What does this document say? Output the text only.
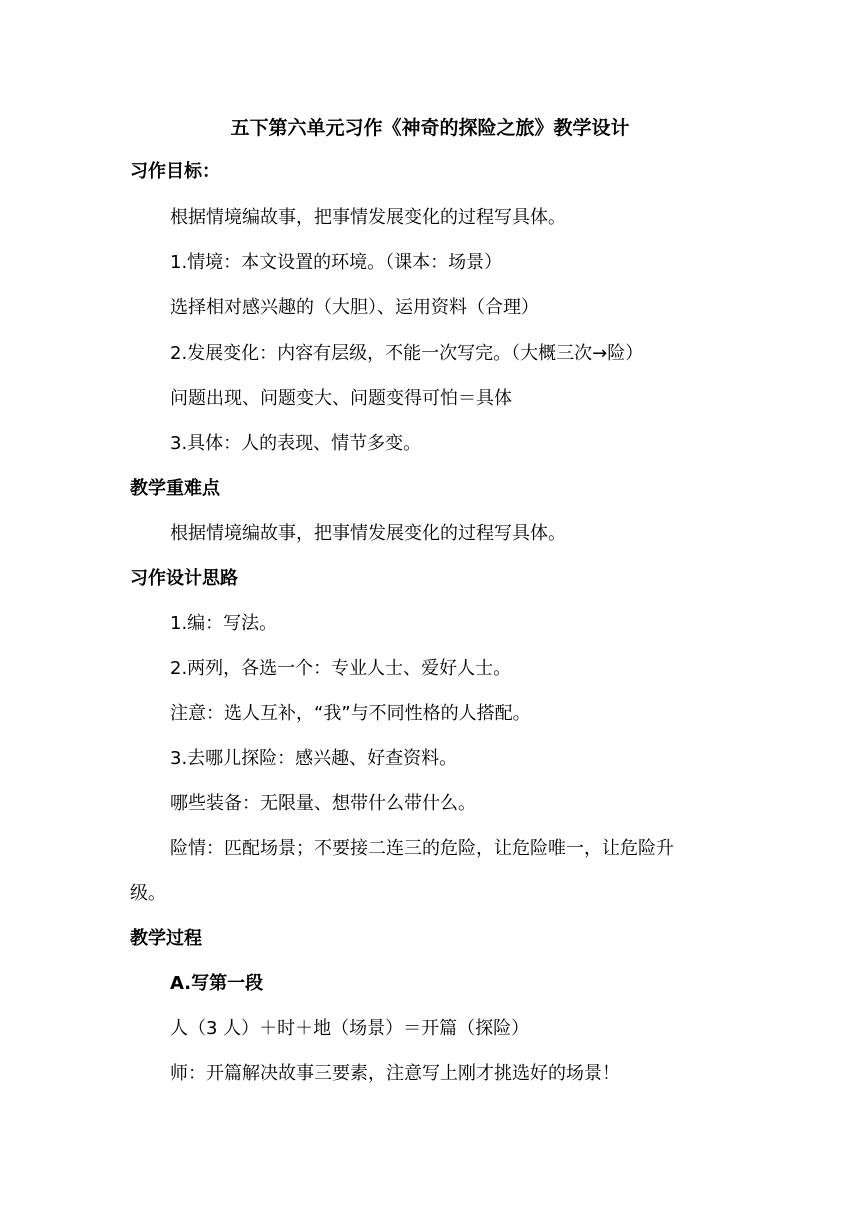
五下第六单元习作《神奇的探险之旅》教学设计
习作目标：
根据情境编故事，把事情发展变化的过程写具体。
1.情境：本文设置的环境。（课本：场景）
选择相对感兴趣的（大胆）、运用资料（合理）
2.发展变化：内容有层级，不能一次写完。（大概三次→险）
问题出现、问题变大、问题变得可怕＝具体
3.具体：人的表现、情节多变。
教学重难点
根据情境编故事，把事情发展变化的过程写具体。
习作设计思路
1.编：写法。
2.两列，各选一个：专业人士、爱好人士。
注意：选人互补，“我”与不同性格的人搭配。
3.去哪儿探险：感兴趣、好查资料。
哪些装备：无限量、想带什么带什么。
险情：匹配场景；不要接二连三的危险，让危险唯一，让危险升
级。
教学过程
A.写第一段
人（3 人）＋时＋地（场景）＝开篇（探险）
师：开篇解决故事三要素，注意写上刚才挑选好的场景！
